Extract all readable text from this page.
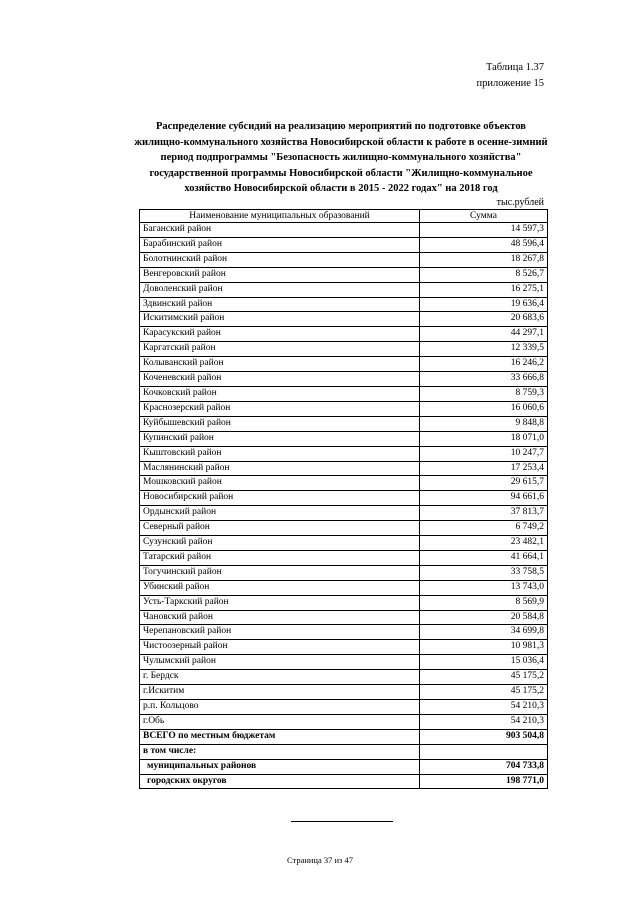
Таблица 1.37
приложение 15
Распределение субсидий на реализацию мероприятий по подготовке объектов жилищно-коммунального хозяйства Новосибирской области к работе в осенне-зимний период подпрограммы "Безопасность жилищно-коммунального хозяйства" государственной программы Новосибирской области "Жилищно-коммунальное хозяйство Новосибирской области в 2015 - 2022 годах" на 2018 год
тыс.рублей
Наименование муниципальных образований	Сумма
Баганский район	14 597,3
Барабинский район	48 596,4
Болотнинский район	18 267,8
Венгеровский район	8 526,7
Доволенский район	16 275,1
Здвинский район	19 636,4
Искитимский район	20 683,6
Карасукский район	44 297,1
Каргатский район	12 339,5
Колыванский район	16 246,2
Коченевский район	33 666,8
Кочковский район	8 759,3
Краснозерский район	16 060,6
Куйбышевский район	9 848,8
Купинский район	18 071,0
Кыштовский район	10 247,7
Маслянинский район	17 253,4
Мошковский район	29 615,7
Новосибирский район	94 661,6
Ордынский район	37 813,7
Северный район	6 749,2
Сузунский район	23 482,1
Татарский район	41 664,1
Тогучинский район	33 758,5
Убинский район	13 743,0
Усть-Таркский район	8 569,9
Чановский район	20 584,8
Черепановский район	34 699,8
Чистоозерный район	10 981,3
Чулымский район	15 036,4
г. Бердск	45 175,2
г.Искитим	45 175,2
р.п. Кольцово	54 210,3
г.Обь	54 210,3
ВСЕГО по местным бюджетам	903 504,8
в том числе:	
муниципальных районов	704 733,8
городских округов	198 771,0
Страница 37 из 47
